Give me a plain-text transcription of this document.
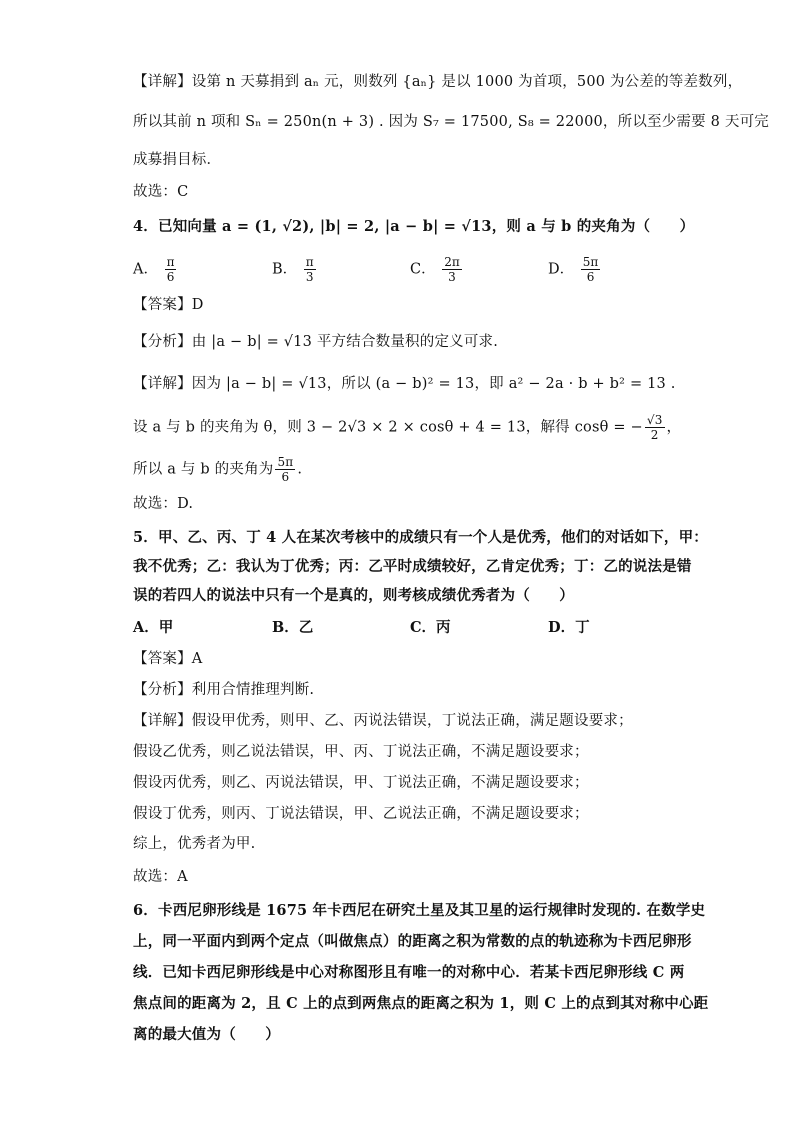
【详解】设第 n 天募捐到 aₙ 元，则数列 {aₙ} 是以 1000 为首项，500 为公差的等差数列，
所以其前 n 项和 Sₙ = 250n(n + 3) . 因为 S₇ = 17500, S₈ = 22000，所以至少需要 8 天可完
成募捐目标．
故选：C
4．已知向量 a = (1, √2), |b| = 2, |a − b| = √13，则 a 与 b 的夹角为（　　）
A． $\frac{\pi}{6}$	B． $\frac{\pi}{3}$	C． $\frac{2\pi}{3}$	D． $\frac{5\pi}{6}$
【答案】D
【分析】由 |a − b| = √13 平方结合数量积的定义可求.
【详解】因为 |a − b| = √13，所以 (a − b)² = 13，即 a² − 2a · b + b² = 13 .
设 a 与 b 的夹角为 θ，则 3 − 2√3 × 2 × cosθ + 4 = 13，解得 cosθ = − $\frac{√3}{2}$ ，
所以 a 与 b 的夹角为 $\frac{5\pi}{6}$ .
故选：D.
5．甲、乙、丙、丁 4 人在某次考核中的成绩只有一个人是优秀，他们的对话如下，甲：
我不优秀；乙：我认为丁优秀；丙：乙平时成绩较好，乙肯定优秀；丁：乙的说法是错
误的若四人的说法中只有一个是真的，则考核成绩优秀者为（　　）
A．甲	B．乙	C．丙	D．丁
【答案】A
【分析】利用合情推理判断.
【详解】假设甲优秀，则甲、乙、丙说法错误，丁说法正确，满足题设要求；
假设乙优秀，则乙说法错误，甲、丙、丁说法正确，不满足题设要求；
假设丙优秀，则乙、丙说法错误，甲、丁说法正确，不满足题设要求；
假设丁优秀，则丙、丁说法错误，甲、乙说法正确，不满足题设要求；
综上，优秀者为甲.
故选：A
6．卡西尼卵形线是 1675 年卡西尼在研究土星及其卫星的运行规律时发现的. 在数学史
上，同一平面内到两个定点（叫做焦点）的距离之积为常数的点的轨迹称为卡西尼卵形
线．已知卡西尼卵形线是中心对称图形且有唯一的对称中心．若某卡西尼卵形线 C 两
焦点间的距离为 2，且 C 上的点到两焦点的距离之积为 1，则 C 上的点到其对称中心距
离的最大值为（　　）
